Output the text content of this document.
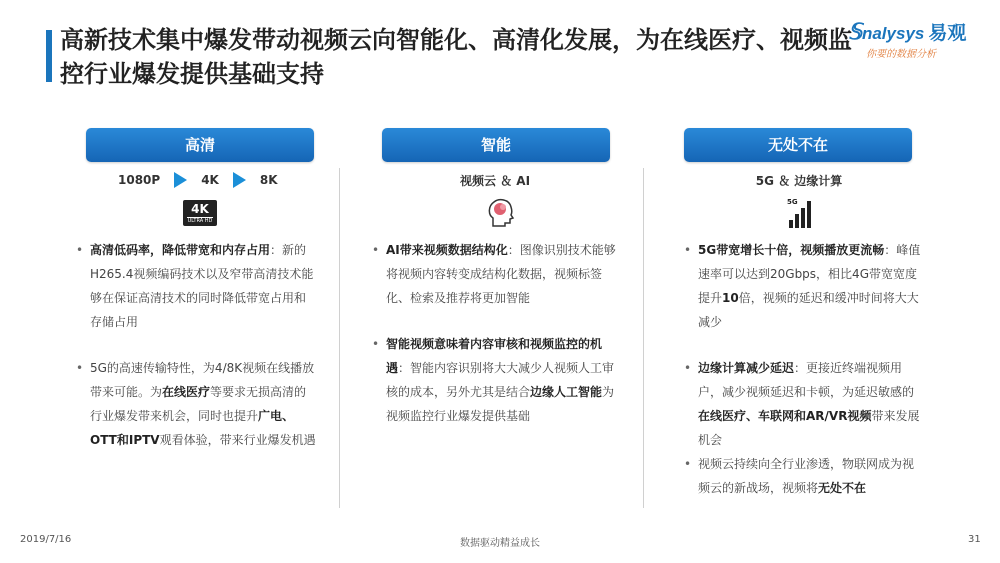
高新技术集中爆发带动视频云向智能化、高清化发展，为在线医疗、视频监控行业爆发提供基础支持
𝕊nalysys 易观
你要的数据分析
高清
1080P	4K	8K
4K
ULTRA HD
• 高清低码率，降低带宽和内存占用：新的H265.4视频编码技术以及窄带高清技术能够在保证高清技术的同时降低带宽占用和存储占用
• 5G的高速传输特性，为4/8K视频在线播放带来可能。为在线医疗等要求无损高清的行业爆发带来机会，同时也提升广电、OTT和IPTV观看体验，带来行业爆发机遇
智能
视频云 ＆ AI
• AI带来视频数据结构化：图像识别技术能够将视频内容转变成结构化数据，视频标签化、检索及推荐将更加智能
• 智能视频意味着内容审核和视频监控的机遇：智能内容识别将大大减少人视频人工审核的成本，另外尤其是结合边缘人工智能为视频监控行业爆发提供基础
无处不在
5G ＆ 边缘计算
5G
• 5G带宽增长十倍，视频播放更流畅：峰值速率可以达到20Gbps，相比4G带宽宽度提升10倍，视频的延迟和缓冲时间将大大减少
• 边缘计算减少延迟：更接近终端视频用户，减少视频延迟和卡顿，为延迟敏感的在线医疗、车联网和AR/VR视频带来发展机会
• 视频云持续向全行业渗透，物联网成为视频云的新战场，视频将无处不在
2019/7/16	数据驱动精益成长	31
